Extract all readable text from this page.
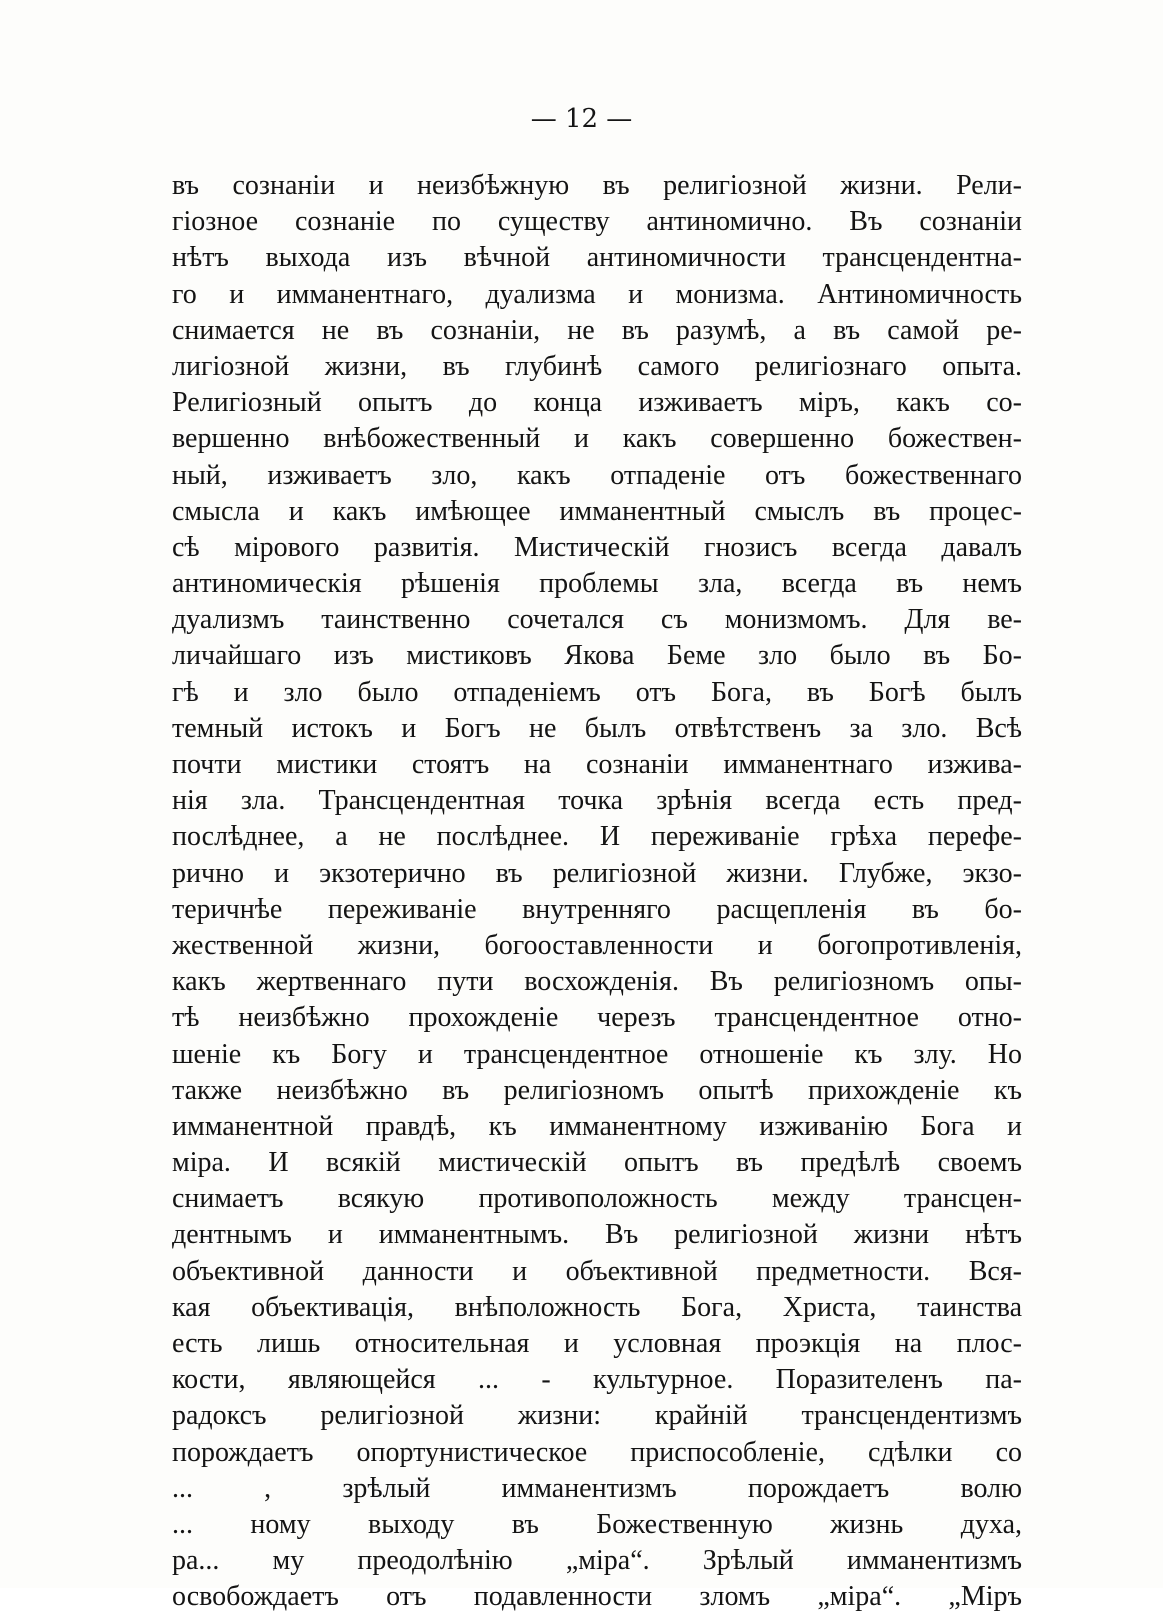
— 12 —
въ сознанiи и неизбѣжную въ религiозной жизни. Рели-
гiозное сознанiе по существу антиномично. Въ сознанiи
нѣтъ выхода изъ вѣчной антиномичности трансцендентна-
го и имманентнаго, дуализма и монизма. Антиномичность
снимается не въ сознанiи, не въ разумѣ, а въ самой ре-
лигiозной жизни, въ глубинѣ самого религiознаго опыта.
Религiозный опытъ до конца изживаетъ мiръ, какъ со-
вершенно внѣбожественный и какъ совершенно божествен-
ный, изживаетъ зло, какъ отпаденiе отъ божественнаго
смысла и какъ имѣющее имманентный смыслъ въ процес-
сѣ мiрового развитiя. Мистическiй гнозисъ всегда давалъ
антиномическiя рѣшенiя проблемы зла, всегда въ немъ
дуализмъ таинственно сочетался съ монизмомъ. Для ве-
личайшаго изъ мистиковъ Якова Беме зло было въ Бо-
гѣ и зло было отпаденiемъ отъ Бога, въ Богѣ былъ
темный истокъ и Богъ не былъ отвѣтственъ за зло. Всѣ
почти мистики стоятъ на сознанiи имманентнаго изжива-
нiя зла. Трансцендентная точка зрѣнiя всегда есть пред-
послѣднее, а не послѣднее. И переживанiе грѣха перефе-
рично и экзотерично въ религiозной жизни. Глубже, экзо-
теричнѣе переживанiе внутренняго расщепленiя въ бо-
жественной жизни, богооставленности и богопротивленiя,
какъ жертвеннаго пути восхожденiя. Въ религiозномъ опы-
тѣ неизбѣжно прохожденiе черезъ трансцендентное отно-
шенiе къ Богу и трансцендентное отношенiе къ злу. Но
также неизбѣжно въ религiозномъ опытѣ прихожденiе къ
имманентной правдѣ, къ имманентному изживанiю Бога и
мiра. И всякiй мистическiй опытъ въ предѣлѣ своемъ
снимаетъ всякую противоположность между трансцен-
дентнымъ и имманентнымъ. Въ религiозной жизни нѣтъ
объективной данности и объективной предметности. Вся-
кая объективацiя, внѣположность Бога, Христа, таинства
есть лишь относительная и условная проэкцiя на плос-
кости, являющейся ... - культурное. Поразителенъ па-
радоксъ религiозной жизни: крайнiй трансцендентизмъ
порождаетъ опортунистическое приспособленiе, сдѣлки со
... , зрѣлый имманентизмъ порождаетъ волю
... ному выходу въ Божественную жизнь духа,
ра... му преодолѣнiю „мiра“. Зрѣлый имманентизмъ
освобождаетъ отъ подавленности зломъ „мiра“. „Мiръ
